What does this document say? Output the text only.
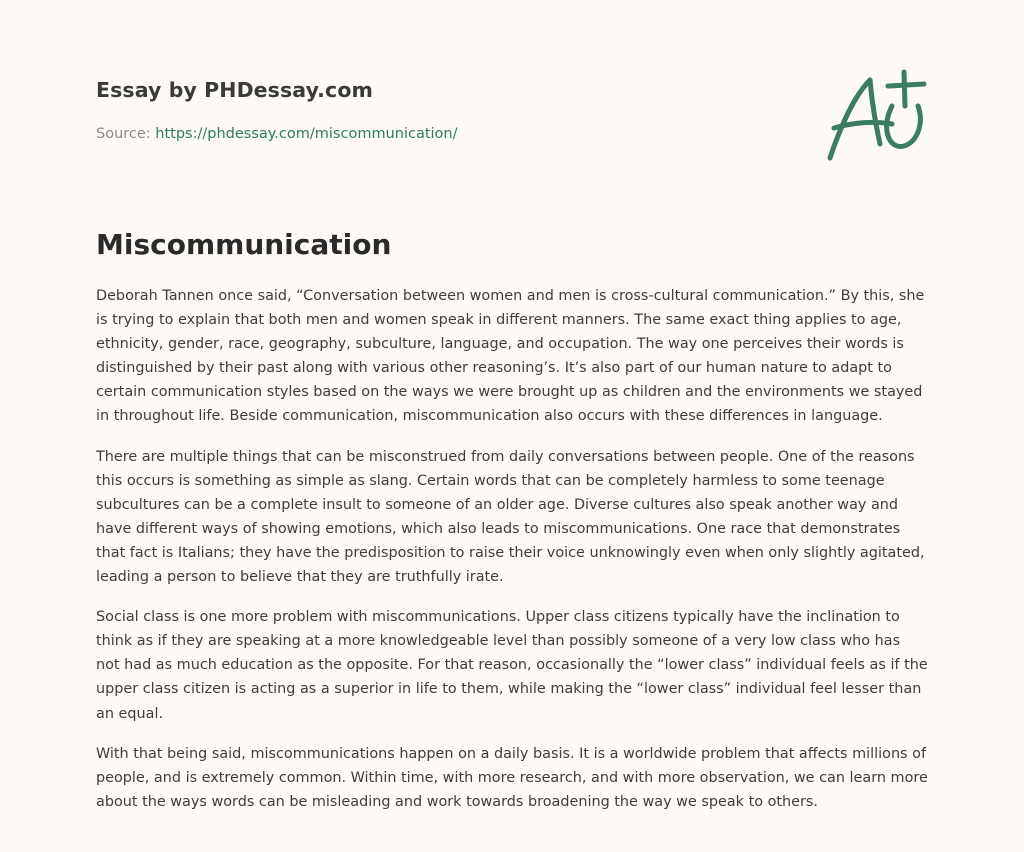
Essay by PHDessay.com
Source: https://phdessay.com/miscommunication/
Miscommunication

Deborah Tannen once said, “Conversation between women and men is cross-cultural communication.” By this, she is trying to explain that both men and women speak in different manners. The same exact thing applies to age, ethnicity, gender, race, geography, subculture, language, and occupation. The way one perceives their words is distinguished by their past along with various other reasoning’s. It’s also part of our human nature to adapt to certain communication styles based on the ways we were brought up as children and the environments we stayed in throughout life. Beside communication, miscommunication also occurs with these differences in language.

There are multiple things that can be misconstrued from daily conversations between people. One of the reasons this occurs is something as simple as slang. Certain words that can be completely harmless to some teenage subcultures can be a complete insult to someone of an older age. Diverse cultures also speak another way and have different ways of showing emotions, which also leads to miscommunications. One race that demonstrates that fact is Italians; they have the predisposition to raise their voice unknowingly even when only slightly agitated, leading a person to believe that they are truthfully irate.

Social class is one more problem with miscommunications. Upper class citizens typically have the inclination to think as if they are speaking at a more knowledgeable level than possibly someone of a very low class who has not had as much education as the opposite. For that reason, occasionally the “lower class” individual feels as if the upper class citizen is acting as a superior in life to them, while making the “lower class” individual feel lesser than an equal.

With that being said, miscommunications happen on a daily basis. It is a worldwide problem that affects millions of people, and is extremely common. Within time, with more research, and with more observation, we can learn more about the ways words can be misleading and work towards broadening the way we speak to others.
